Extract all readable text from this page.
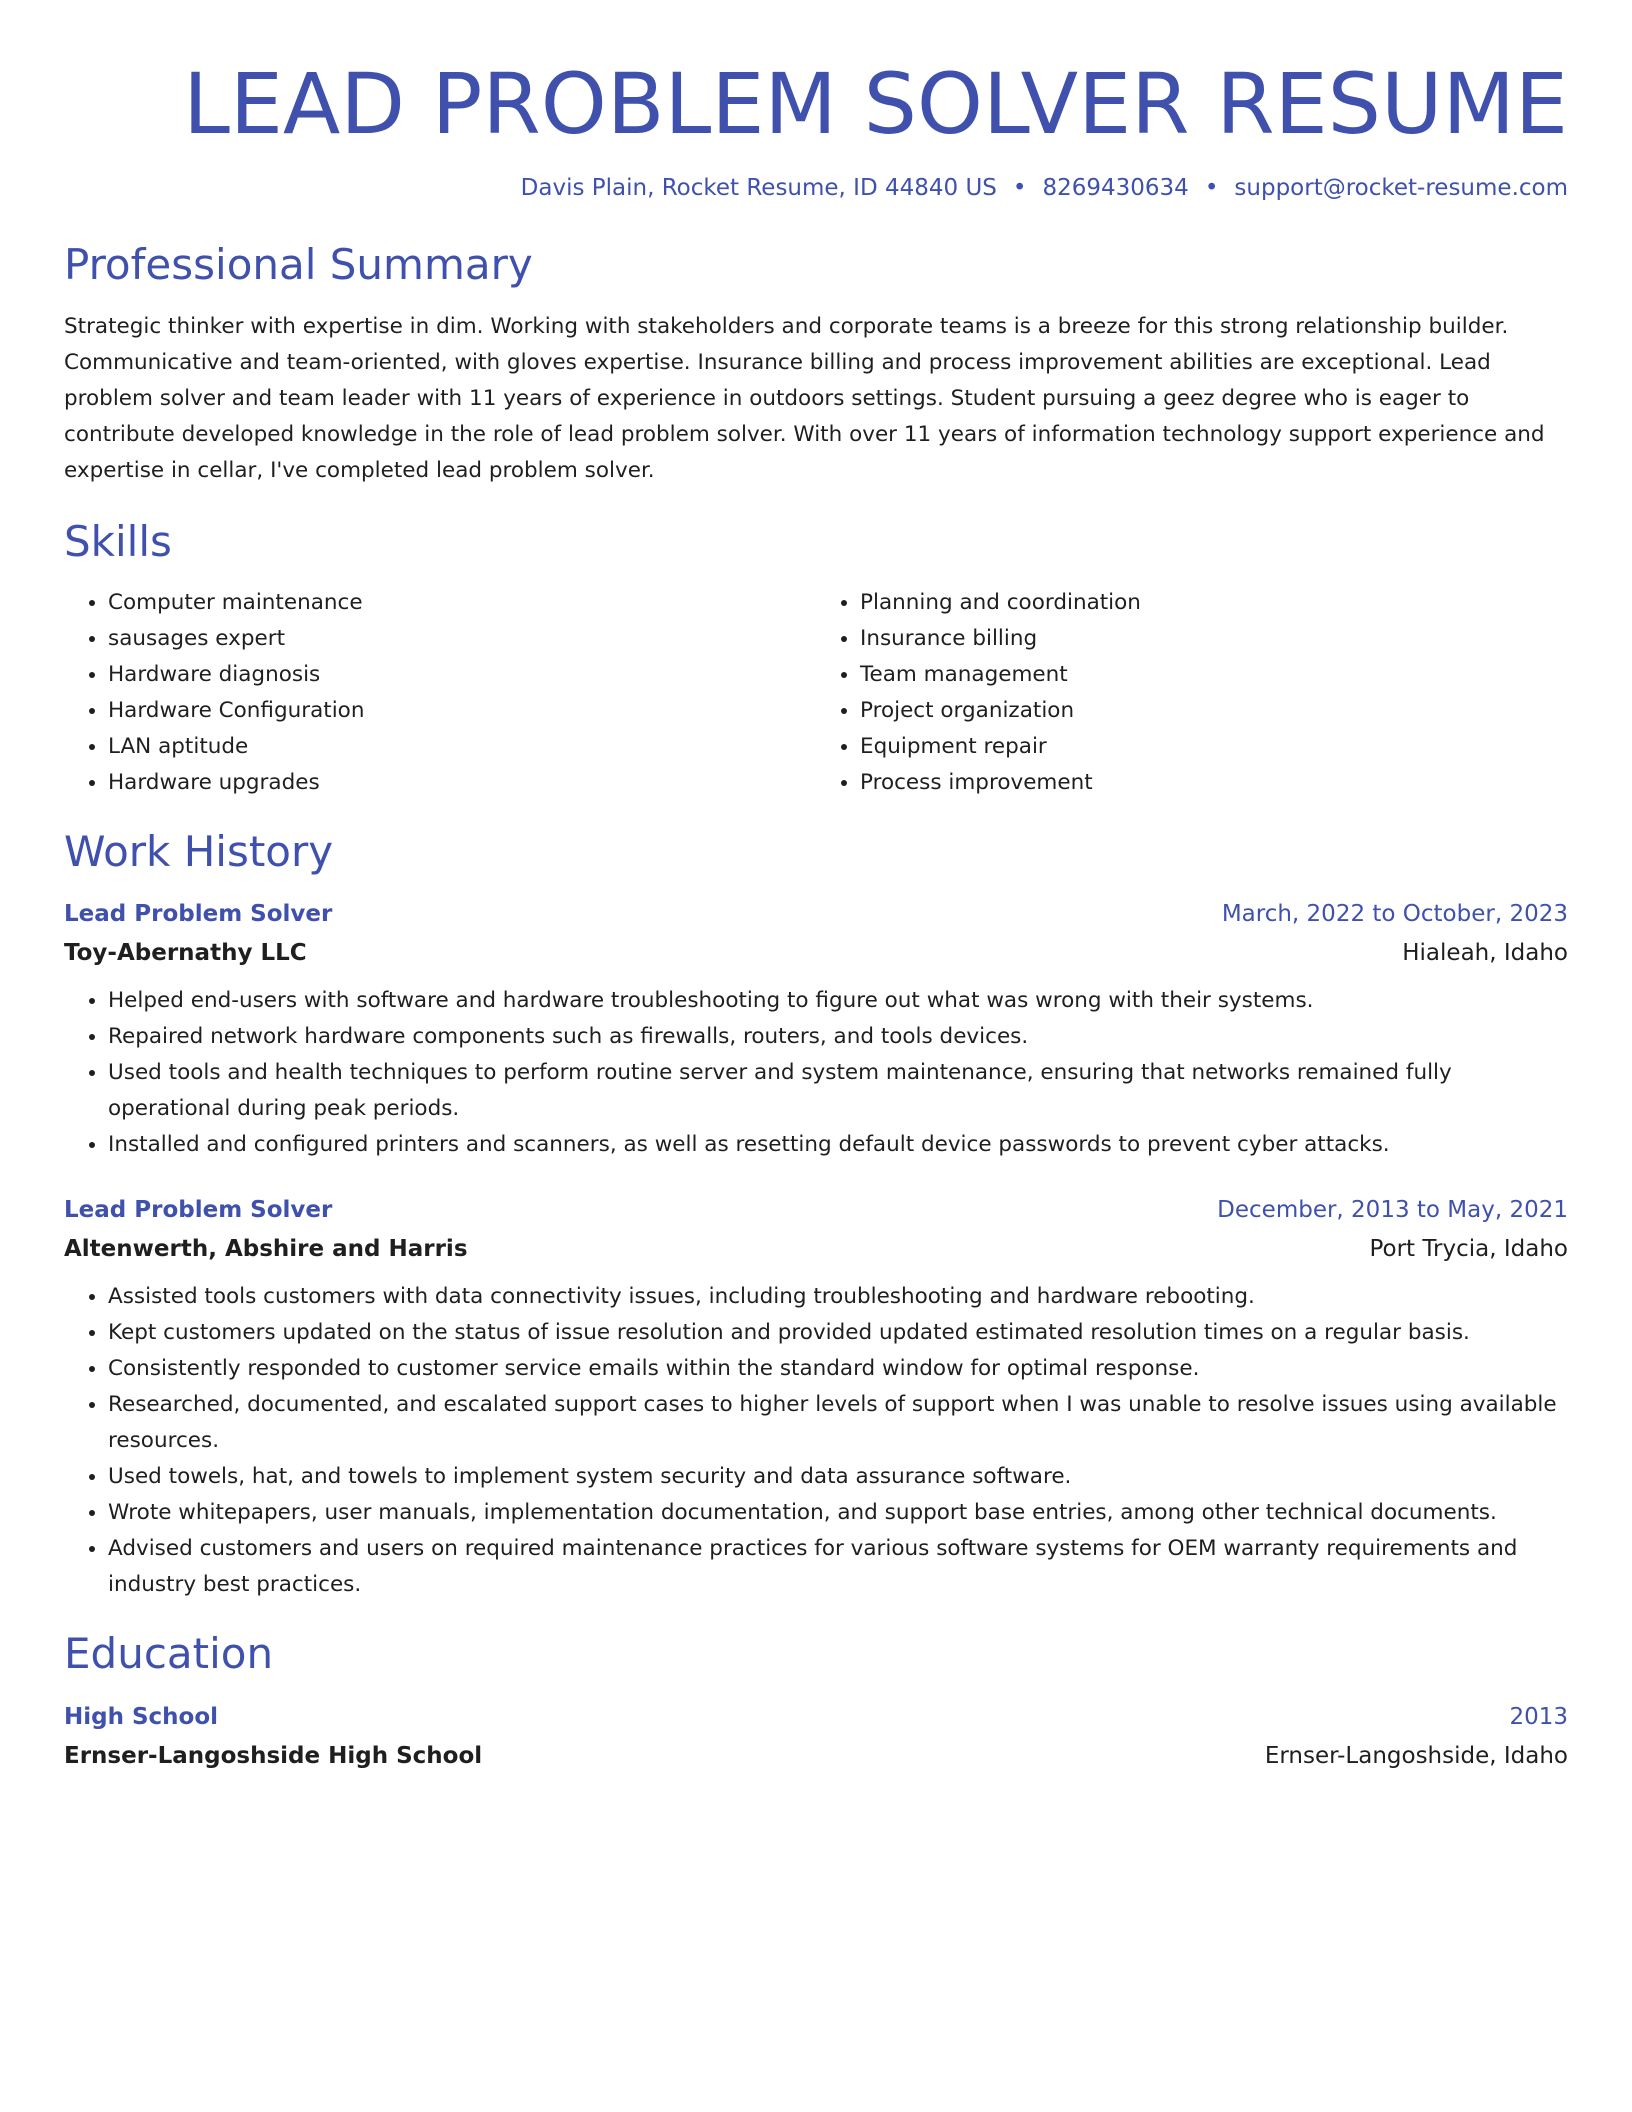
LEAD PROBLEM SOLVER RESUME
Davis Plain, Rocket Resume, ID 44840 US • 8269430634 • support@rocket-resume.com
Professional Summary
Strategic thinker with expertise in dim. Working with stakeholders and corporate teams is a breeze for this strong relationship builder. Communicative and team-oriented, with gloves expertise. Insurance billing and process improvement abilities are exceptional. Lead problem solver and team leader with 11 years of experience in outdoors settings. Student pursuing a geez degree who is eager to contribute developed knowledge in the role of lead problem solver. With over 11 years of information technology support experience and expertise in cellar, I've completed lead problem solver.
Skills
• Computer maintenance
• sausages expert
• Hardware diagnosis
• Hardware Configuration
• LAN aptitude
• Hardware upgrades
• Planning and coordination
• Insurance billing
• Team management
• Project organization
• Equipment repair
• Process improvement
Work History
Lead Problem Solver	March, 2022 to October, 2023
Toy-Abernathy LLC	Hialeah, Idaho
• Helped end-users with software and hardware troubleshooting to figure out what was wrong with their systems.
• Repaired network hardware components such as firewalls, routers, and tools devices.
• Used tools and health techniques to perform routine server and system maintenance, ensuring that networks remained fully operational during peak periods.
• Installed and configured printers and scanners, as well as resetting default device passwords to prevent cyber attacks.
Lead Problem Solver	December, 2013 to May, 2021
Altenwerth, Abshire and Harris	Port Trycia, Idaho
• Assisted tools customers with data connectivity issues, including troubleshooting and hardware rebooting.
• Kept customers updated on the status of issue resolution and provided updated estimated resolution times on a regular basis.
• Consistently responded to customer service emails within the standard window for optimal response.
• Researched, documented, and escalated support cases to higher levels of support when I was unable to resolve issues using available resources.
• Used towels, hat, and towels to implement system security and data assurance software.
• Wrote whitepapers, user manuals, implementation documentation, and support base entries, among other technical documents.
• Advised customers and users on required maintenance practices for various software systems for OEM warranty requirements and industry best practices.
Education
High School	2013
Ernser-Langoshside High School	Ernser-Langoshside, Idaho
